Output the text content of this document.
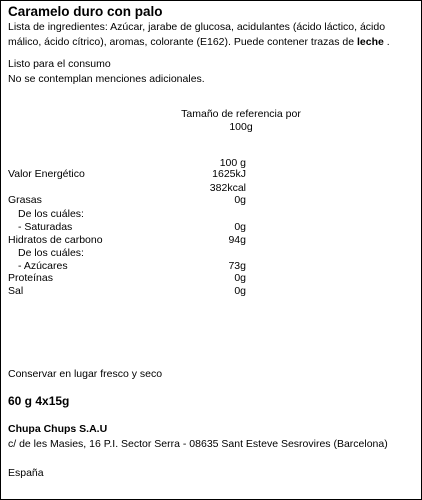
Caramelo duro con palo
Lista de ingredientes: Azúcar, jarabe de glucosa, acidulantes (ácido láctico, ácido málico, ácido cítrico), aromas, colorante (E162). Puede contener trazas de leche .
Listo para el consumo
No se contemplan menciones adicionales.
Tamaño de referencia por
100g
100 g
Valor Energético	1625kJ
382kcal
Grasas	0g
De los cuáles:
- Saturadas	0g
Hidratos de carbono	94g
De los cuáles:
- Azúcares	73g
Proteínas	0g
Sal	0g
Conservar en lugar fresco y seco
60 g 4x15g
Chupa Chups S.A.U
c/ de les Masies, 16 P.I. Sector Serra - 08635 Sant Esteve Sesrovires (Barcelona)
España
